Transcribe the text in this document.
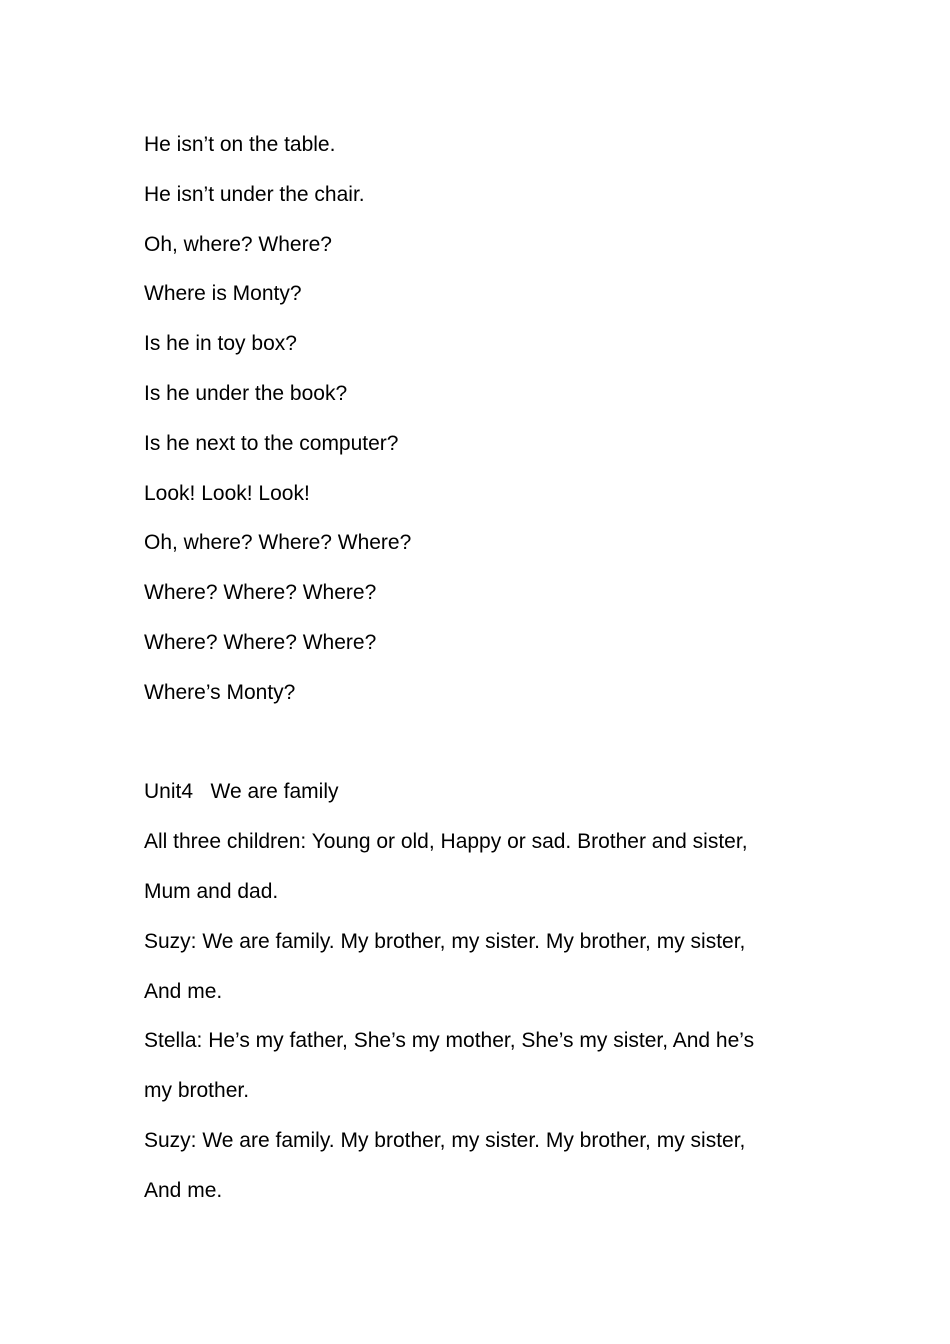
He isn’t on the table.
He isn’t under the chair.
Oh, where? Where?
Where is Monty?
Is he in toy box?
Is he under the book?
Is he next to the computer?
Look! Look! Look!
Oh, where? Where? Where?
Where? Where? Where?
Where? Where? Where?
Where’s Monty?
Unit4   We are family
All three children: Young or old, Happy or sad. Brother and sister,
Mum and dad.
Suzy: We are family. My brother, my sister. My brother, my sister,
And me.
Stella: He’s my father, She’s my mother, She’s my sister, And he’s
my brother.
Suzy: We are family. My brother, my sister. My brother, my sister,
And me.
